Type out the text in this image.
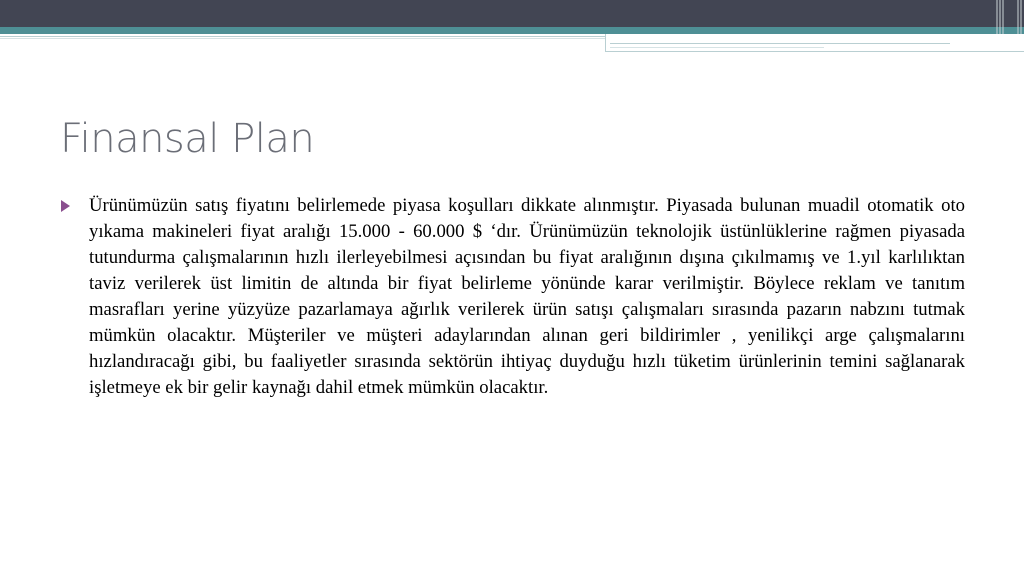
Finansal Plan

Ürünümüzün satış fiyatını belirlemede piyasa koşulları dikkate alınmıştır. Piyasada bulunan muadil otomatik oto yıkama makineleri fiyat aralığı 15.000 - 60.000 $ ‘dır. Ürünümüzün teknolojik üstünlüklerine rağmen piyasada tutundurma çalışmalarının hızlı ilerleyebilmesi açısından bu fiyat aralığının dışına çıkılmamış ve 1.yıl karlılıktan taviz verilerek üst limitin de altında bir fiyat belirleme yönünde karar verilmiştir. Böylece reklam ve tanıtım masrafları yerine yüzyüze pazarlamaya ağırlık verilerek ürün satışı çalışmaları sırasında pazarın nabzını tutmak mümkün olacaktır. Müşteriler ve müşteri adaylarından alınan geri bildirimler , yenilikçi arge çalışmalarını hızlandıracağı gibi, bu faaliyetler sırasında sektörün ihtiyaç duyduğu hızlı tüketim ürünlerinin temini sağlanarak işletmeye ek bir gelir kaynağı dahil etmek mümkün olacaktır.
